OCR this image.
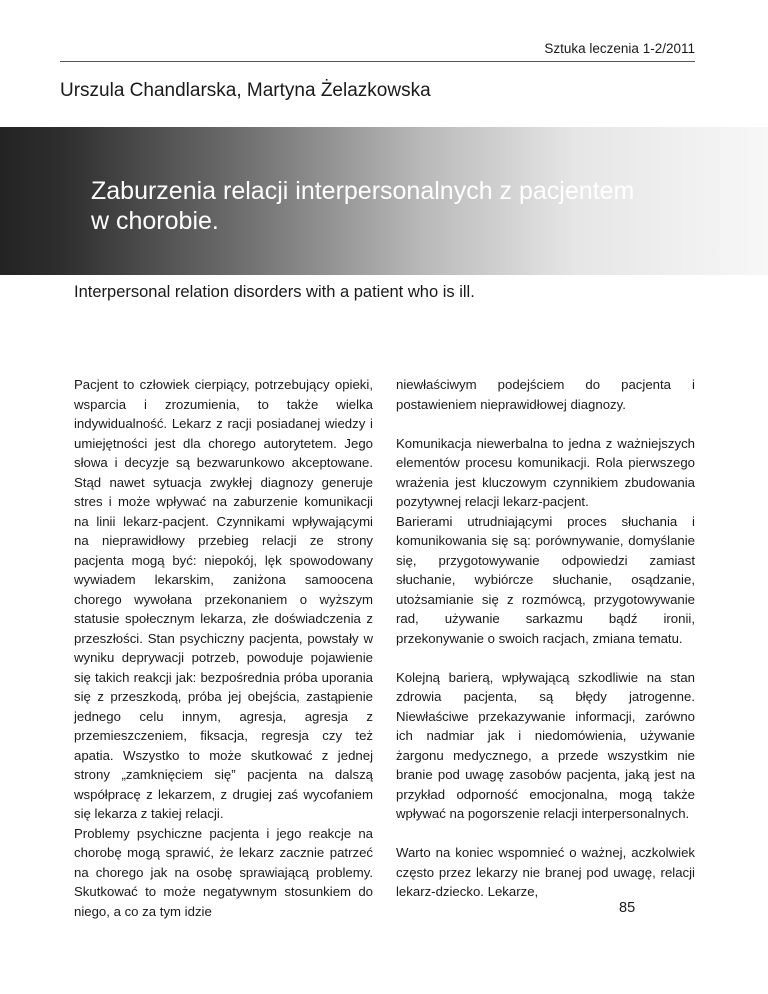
Sztuka leczenia 1-2/2011
Urszula Chandlarska, Martyna Żelazkowska
Zaburzenia relacji interpersonalnych z pacjentem
w chorobie.
Interpersonal relation disorders with a patient who is ill.

Pacjent to człowiek cierpiący, potrzebujący opieki, wsparcia i zrozumienia, to także wielka indywidualność. Lekarz z racji posiadanej wiedzy i umiejętności jest dla chorego autorytetem. Jego słowa i decyzje są bezwarunkowo akceptowane. Stąd nawet sytuacja zwykłej diagnozy generuje stres i może wpływać na zaburzenie komunikacji na linii lekarz-pacjent. Czynnikami wpływającymi na nieprawidłowy przebieg relacji ze strony pacjenta mogą być: niepokój, lęk spowodowany wywiadem lekarskim, zaniżona samoocena chorego wywołana przekonaniem o wyższym statusie społecznym lekarza, złe doświadczenia z przeszłości. Stan psychiczny pacjenta, powstały w wyniku deprywacji potrzeb, powoduje pojawienie się takich reakcji jak: bezpośrednia próba uporania się z przeszkodą, próba jej obejścia, zastąpienie jednego celu innym, agresja, agresja z przemieszczeniem, fiksacja, regresja czy też apatia. Wszystko to może skutkować z jednej strony „zamknięciem się” pacjenta na dalszą współpracę z lekarzem, z drugiej zaś wycofaniem się lekarza z takiej relacji.

Problemy psychiczne pacjenta i jego reakcje na chorobę mogą sprawić, że lekarz zacznie patrzeć na chorego jak na osobę sprawiającą problemy. Skutkować to może negatywnym stosunkiem do niego, a co za tym idzie

niewłaściwym podejściem do pacjenta i postawieniem nieprawidłowej diagnozy.

Komunikacja niewerbalna to jedna z ważniejszych elementów procesu komunikacji. Rola pierwszego wrażenia jest kluczowym czynnikiem zbudowania pozytywnej relacji lekarz-pacjent.

Barierami utrudniającymi proces słuchania i komunikowania się są: porównywanie, domyślanie się, przygotowywanie odpowiedzi zamiast słuchanie, wybiórcze słuchanie, osądzanie, utożsamianie się z rozmówcą, przygotowywanie rad, używanie sarkazmu bądź ironii, przekonywanie o swoich racjach, zmiana tematu.

Kolejną barierą, wpływającą szkodliwie na stan zdrowia pacjenta, są błędy jatrogenne. Niewłaściwe przekazywanie informacji, zarówno ich nadmiar jak i niedomówienia, używanie żargonu medycznego, a przede wszystkim nie branie pod uwagę zasobów pacjenta, jaką jest na przykład odporność emocjonalna, mogą także wpływać na pogorszenie relacji interpersonalnych.

Warto na koniec wspomnieć o ważnej, aczkolwiek często przez lekarzy nie branej pod uwagę, relacji lekarz-dziecko. Lekarze,

85
